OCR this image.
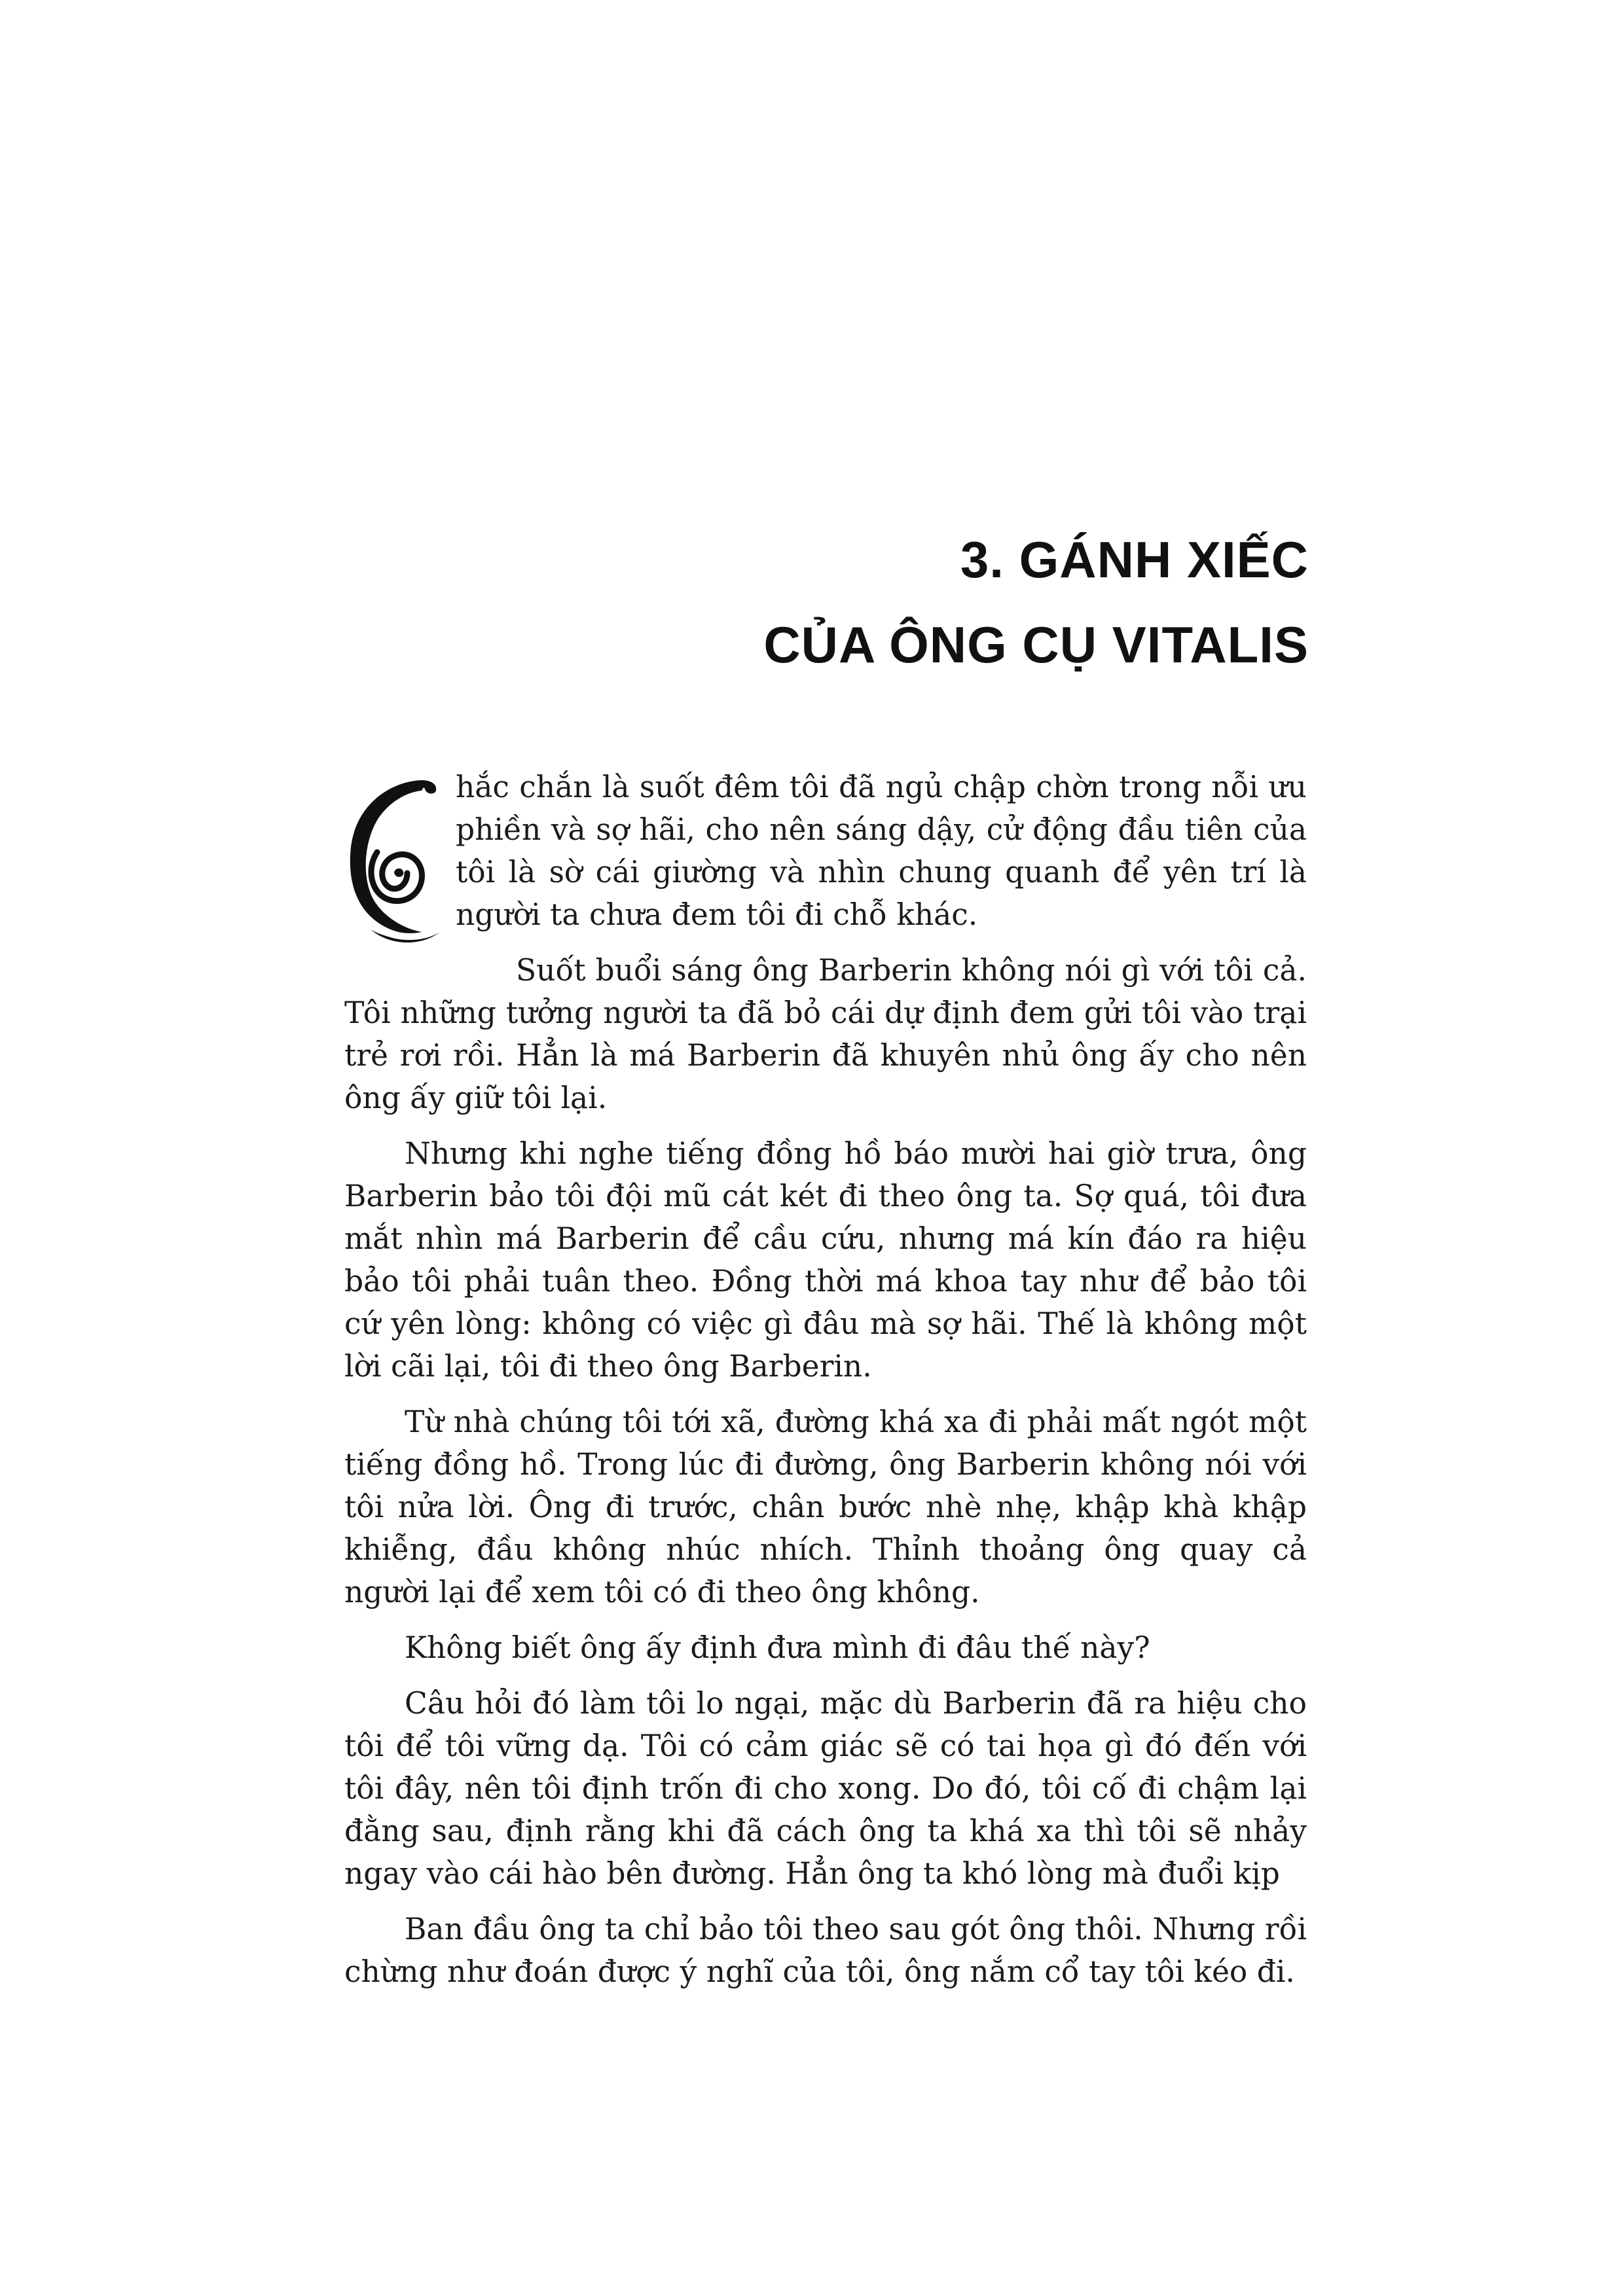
3. GÁNH XIẾC
CỦA ÔNG CỤ VITALIS

hắc chắn là suốt đêm tôi đã ngủ chập chờn trong nỗi ưu phiền và sợ hãi, cho nên sáng dậy, cử động đầu tiên của tôi là sờ cái giường và nhìn chung quanh để yên trí là người ta chưa đem tôi đi chỗ khác.

Suốt buổi sáng ông Barberin không nói gì với tôi cả. Tôi những tưởng người ta đã bỏ cái dự định đem gửi tôi vào trại trẻ rơi rồi. Hẳn là má Barberin đã khuyên nhủ ông ấy cho nên ông ấy giữ tôi lại.

Nhưng khi nghe tiếng đồng hồ báo mười hai giờ trưa, ông Barberin bảo tôi đội mũ cát két đi theo ông ta. Sợ quá, tôi đưa mắt nhìn má Barberin để cầu cứu, nhưng má kín đáo ra hiệu bảo tôi phải tuân theo. Đồng thời má khoa tay như để bảo tôi cứ yên lòng: không có việc gì đâu mà sợ hãi. Thế là không một lời cãi lại, tôi đi theo ông Barberin.

Từ nhà chúng tôi tới xã, đường khá xa đi phải mất ngót một tiếng đồng hồ. Trong lúc đi đường, ông Barberin không nói với tôi nửa lời. Ông đi trước, chân bước nhè nhẹ, khập khà khập khiễng, đầu không nhúc nhích. Thỉnh thoảng ông quay cả người lại để xem tôi có đi theo ông không.

Không biết ông ấy định đưa mình đi đâu thế này?

Câu hỏi đó làm tôi lo ngại, mặc dù Barberin đã ra hiệu cho tôi để tôi vững dạ. Tôi có cảm giác sẽ có tai họa gì đó đến với tôi đây, nên tôi định trốn đi cho xong. Do đó, tôi cố đi chậm lại đằng sau, định rằng khi đã cách ông ta khá xa thì tôi sẽ nhảy ngay vào cái hào bên đường. Hẳn ông ta khó lòng mà đuổi kịp

Ban đầu ông ta chỉ bảo tôi theo sau gót ông thôi. Nhưng rồi chừng như đoán được ý nghĩ của tôi, ông nắm cổ tay tôi kéo đi.
